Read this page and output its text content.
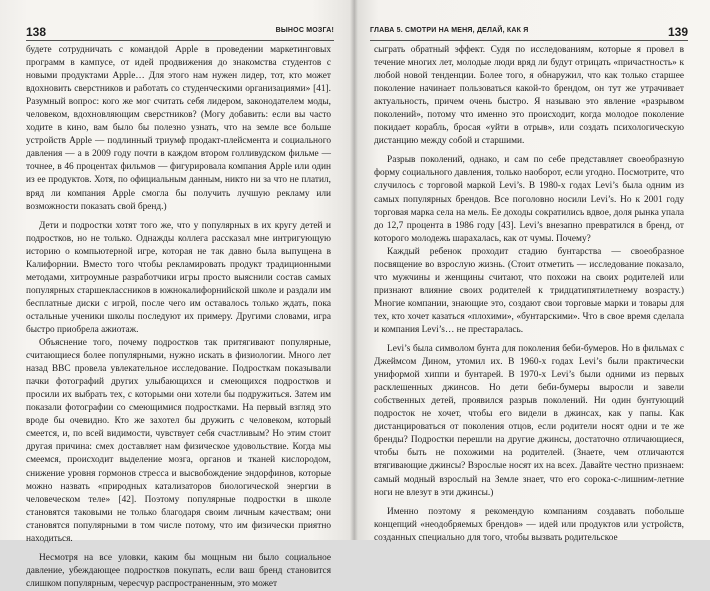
138	ВЫНОС МОЗГА!

будете сотрудничать с командой Apple в проведении маркетинговых программ в кампусе, от идей продвижения до знакомства студентов с новыми продуктами Apple… Для этого нам нужен лидер, тот, кто может вдохновить сверстников и работать со студенческими организациями» [41]. Разумный вопрос: кого же мог считать себя лидером, законодателем моды, человеком, вдохновляющим сверстников? (Могу добавить: если вы часто ходите в кино, вам было бы полезно узнать, что на земле все больше устройств Apple — подлинный триумф продакт-плейсмента и социального давления — а в 2009 году почти в каждом втором голливудском фильме — точнее, в 46 процентах фильмов — фигурировала компания Apple или один из ее продуктов. Хотя, по официальным данным, никто ни за что не платил, вряд ли компания Apple смогла бы получить лучшую рекламу или возможности показать свой бренд.)

Дети и подростки хотят того же, что у популярных в их кругу детей и подростков, но не только. Однажды коллега рассказал мне интригующую историю о компьютерной игре, которая не так давно была выпущена в Калифорнии. Вместо того чтобы рекламировать продукт традиционными методами, хитроумные разработчики игры просто выяснили состав самых популярных старшеклассников в южнокалифорнийской школе и раздали им бесплатные диски с игрой, после чего им оставалось только ждать, пока остальные ученики школы последуют их примеру. Другими словами, игра быстро приобрела ажиотаж.

Объяснение того, почему подростков так притягивают популярные, считающиеся более популярными, нужно искать в физиологии. Много лет назад BBC провела увлекательное исследование. Подросткам показывали пачки фотографий других улыбающихся и смеющихся подростков и просили их выбрать тех, с которыми они хотели бы подружиться. Затем им показали фотографии со смеющимися подростками. На первый взгляд это вроде бы очевидно. Кто же захотел бы дружить с человеком, который смеется, и, по всей видимости, чувствует себя счастливым? Но этим стоит другая причина: смех доставляет нам физическое удовольствие. Когда мы смеемся, происходит выделение мозга, органов и тканей кислородом, снижение уровня гормонов стресса и высвобождение эндорфинов, которые можно назвать «природных катализаторов биологической энергии в человеческом теле» [42]. Поэтому популярные подростки в школе становятся таковыми не только благодаря своим личным качествам; они становятся популярными в том числе потому, что им физически приятно находиться.

Несмотря на все уловки, каким бы мощным ни было социальное давление, убеждающее подростков покупать, если ваш бренд становится слишком популярным, чересчур распространенным, это может

ГЛАВА 5. СМОТРИ НА МЕНЯ, ДЕЛАЙ, КАК Я	139

сыграть обратный эффект. Судя по исследованиям, которые я провел в течение многих лет, молодые люди вряд ли будут отрицать «причастность» к любой новой тенденции. Более того, я обнаружил, что как только старшее поколение начинает пользоваться какой-то брендом, он тут же утрачивает актуальность, причем очень быстро. Я называю это явление «разрывом поколений», потому что именно это происходит, когда молодое поколение покидает корабль, бросая «уйти в отрыв», или создать психологическую дистанцию между собой и старшими.

Разрыв поколений, однако, и сам по себе представляет своеобразную форму социального давления, только наоборот, если угодно. Посмотрите, что случилось с торговой маркой Levi’s. В 1980-х годах Levi’s была одним из самых популярных брендов. Все поголовно носили Levi’s. Но к 2001 году торговая марка села на мель. Ее доходы сократились вдвое, доля рынка упала до 12,7 процента в 1986 году [43]. Levi’s внезапно превратился в бренд, от которого молодежь шарахалась, как от чумы. Почему?

Каждый ребенок проходит стадию бунтарства — своеобразное посвящение во взрослую жизнь. (Стоит отметить — исследование показало, что мужчины и женщины считают, что похожи на своих родителей или признают влияние своих родителей к тридцатипятилетнему возрасту.) Многие компании, знающие это, создают свои торговые марки и товары для тех, кто хочет казаться «плохими», «бунтарскими». Что в свое время сделала и компания Levi’s… не престаралась.

Levi’s была символом бунта для поколения беби-бумеров. Но в фильмах с Джеймсом Дином, утомил их. В 1960-х годах Levi’s были практически униформой хиппи и бунтарей. В 1970-х Levi’s были одними из первых расклешенных джинсов. Но дети беби-бумеры выросли и завели собственных детей, проявился разрыв поколений. Ни один бунтующий подросток не хочет, чтобы его видели в джинсах, как у папы. Как дистанцироваться от поколения отцов, если родители носят одни и те же бренды? Подростки перешли на другие джинсы, достаточно отличающиеся, чтобы быть не похожими на родителей. (Знаете, чем отличаются втягивающие джинсы? Взрослые носят их на всех. Давайте честно признаем: самый модный взрослый на Земле знает, что его сорока-с-лишним-летние ноги не влезут в эти джинсы.)

Именно поэтому я рекомендую компаниям создавать побольше концепций «неодобряемых брендов» — идей или продуктов или устройств, созданных специально для того, чтобы вызвать родительское
